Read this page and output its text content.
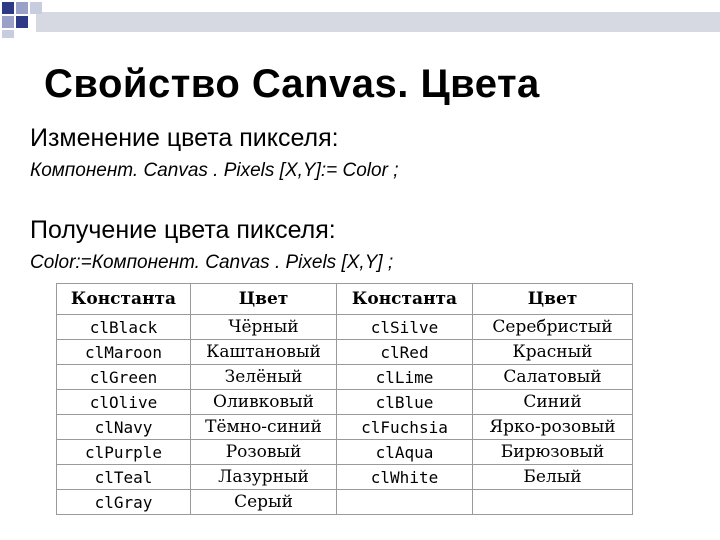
Свойство Canvas. Цвета
Изменение цвета пикселя:
Компонент. Canvas . Pixels [X,Y]:= Color ;
Получение цвета пикселя:
Color:=Компонент. Canvas . Pixels [X,Y] ;
Константа	Цвет	Константа	Цвет
clBlack	Чёрный	clSilve	Серебристый
clMaroon	Каштановый	clRed	Красный
clGreen	Зелёный	clLime	Салатовый
clOlive	Оливковый	clBlue	Синий
clNavy	Тёмно-синий	clFuchsia	Ярко-розовый
clPurple	Розовый	clAqua	Бирюзовый
clTeal	Лазурный	clWhite	Белый
clGray	Серый		
